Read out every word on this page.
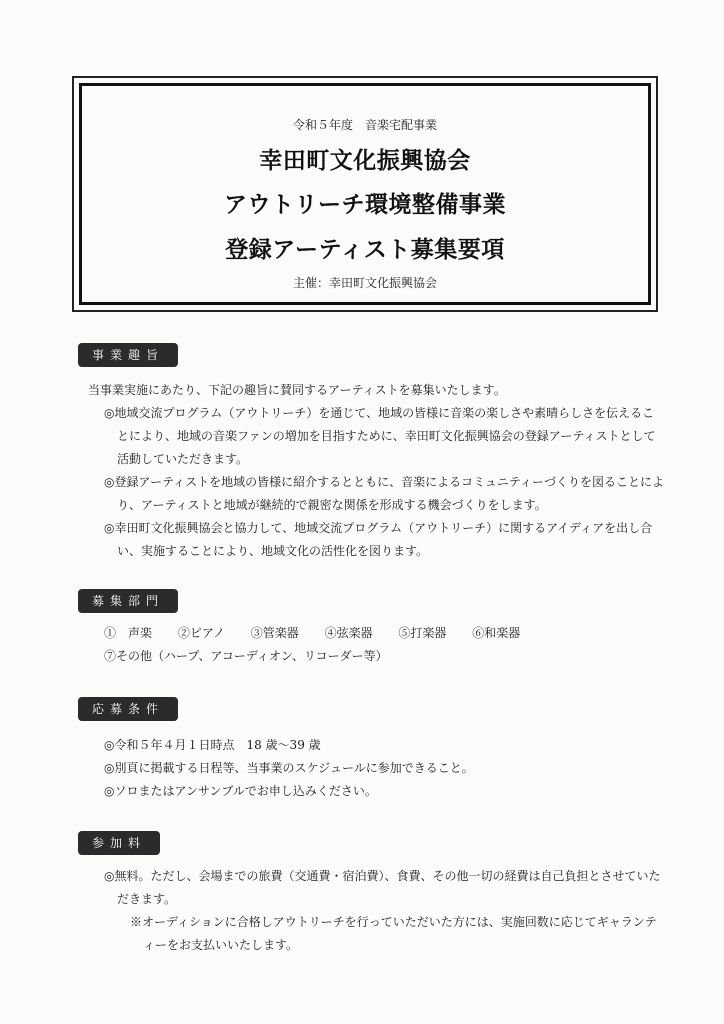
令和５年度　音楽宅配事業
幸田町文化振興協会
アウトリーチ環境整備事業
登録アーティスト募集要項
主催：幸田町文化振興協会
事業趣旨
当事業実施にあたり、下記の趣旨に賛同するアーティストを募集いたします。
◎地域交流プログラム（アウトリーチ）を通じて、地域の皆様に音楽の楽しさや素晴らしさを伝えることにより、地域の音楽ファンの増加を目指すために、幸田町文化振興協会の登録アーティストとして活動していただきます。
◎登録アーティストを地域の皆様に紹介するとともに、音楽によるコミュニティーづくりを図ることにより、アーティストと地域が継続的で親密な関係を形成する機会づくりをします。
◎幸田町文化振興協会と協力して、地域交流プログラム（アウトリーチ）に関するアイディアを出し合い、実施することにより、地域文化の活性化を図ります。
募集部門
①　声楽 ②ピアノ ③管楽器 ④弦楽器 ⑤打楽器 ⑥和楽器
⑦その他（ハープ、アコーディオン、リコーダー等）
応募条件
◎令和５年４月１日時点　18 歳～39 歳
◎別頁に掲載する日程等、当事業のスケジュールに参加できること。
◎ソロまたはアンサンブルでお申し込みください。
参加料
◎無料。ただし、会場までの旅費（交通費・宿泊費）、食費、その他一切の経費は自己負担とさせていただきます。
※オーディションに合格しアウトリーチを行っていただいた方には、実施回数に応じてギャランティーをお支払いいたします。
